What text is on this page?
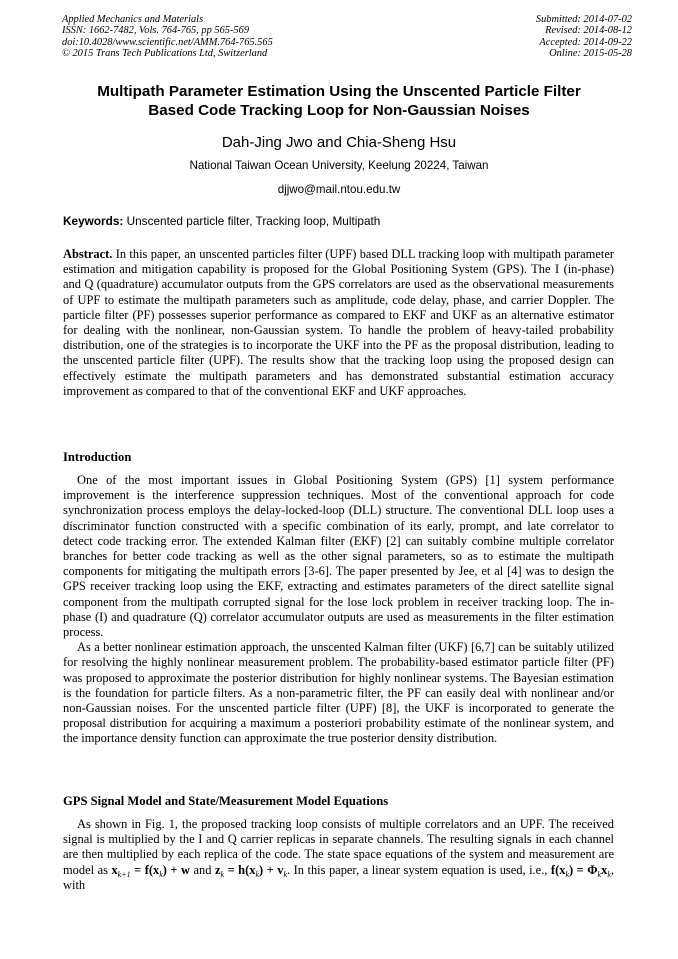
Applied Mechanics and Materials
ISSN: 1662-7482, Vols. 764-765, pp 565-569
doi:10.4028/www.scientific.net/AMM.764-765.565
© 2015 Trans Tech Publications Ltd, Switzerland
Submitted: 2014-07-02
Revised: 2014-08-12
Accepted: 2014-09-22
Online: 2015-05-28
Multipath Parameter Estimation Using the Unscented Particle Filter
Based Code Tracking Loop for Non-Gaussian Noises
Dah-Jing Jwo and Chia-Sheng Hsu
National Taiwan Ocean University, Keelung 20224, Taiwan
djjwo@mail.ntou.edu.tw
Keywords: Unscented particle filter, Tracking loop, Multipath

Abstract. In this paper, an unscented particles filter (UPF) based DLL tracking loop with multipath parameter estimation and mitigation capability is proposed for the Global Positioning System (GPS). The I (in-phase) and Q (quadrature) accumulator outputs from the GPS correlators are used as the observational measurements of UPF to estimate the multipath parameters such as amplitude, code delay, phase, and carrier Doppler. The particle filter (PF) possesses superior performance as compared to EKF and UKF as an alternative estimator for dealing with the nonlinear, non-Gaussian system. To handle the problem of heavy-tailed probability distribution, one of the strategies is to incorporate the UKF into the PF as the proposal distribution, leading to the unscented particle filter (UPF). The results show that the tracking loop using the proposed design can effectively estimate the multipath parameters and has demonstrated substantial estimation accuracy improvement as compared to that of the conventional EKF and UKF approaches.

Introduction

One of the most important issues in Global Positioning System (GPS) [1] system performance improvement is the interference suppression techniques. Most of the conventional approach for code synchronization process employs the delay-locked-loop (DLL) structure. The conventional DLL loop uses a discriminator function constructed with a specific combination of its early, prompt, and late correlator to detect code tracking error. The extended Kalman filter (EKF) [2] can suitably combine multiple correlator branches for better code tracking as well as the other signal parameters, so as to estimate the multipath components for mitigating the multipath errors [3-6]. The paper presented by Jee, et al [4] was to design the GPS receiver tracking loop using the EKF, extracting and estimates parameters of the direct satellite signal component from the multipath corrupted signal for the lose lock problem in receiver tracking loop. The in-phase (I) and quadrature (Q) correlator accumulator outputs are used as measurements in the filter estimation process.

As a better nonlinear estimation approach, the unscented Kalman filter (UKF) [6,7] can be suitably utilized for resolving the highly nonlinear measurement problem. The probability-based estimator particle filter (PF) was proposed to approximate the posterior distribution for highly nonlinear systems. The Bayesian estimation is the foundation for particle filters. As a non-parametric filter, the PF can easily deal with nonlinear and/or non-Gaussian noises. For the unscented particle filter (UPF) [8], the UKF is incorporated to generate the proposal distribution for acquiring a maximum a posteriori probability estimate of the nonlinear system, and the importance density function can approximate the true posterior density distribution.

GPS Signal Model and State/Measurement Model Equations

As shown in Fig. 1, the proposed tracking loop consists of multiple correlators and an UPF. The received signal is multiplied by the I and Q carrier replicas in separate channels. The resulting signals in each channel are then multiplied by each replica of the code. The state space equations of the system and measurement are model as $x_{k+1} = f(x_k) + w$ and $z_k = h(x_k) + v_k$. In this paper, a linear system equation is used, i.e., $f(x_k) = \Phi_kx_k$, with
